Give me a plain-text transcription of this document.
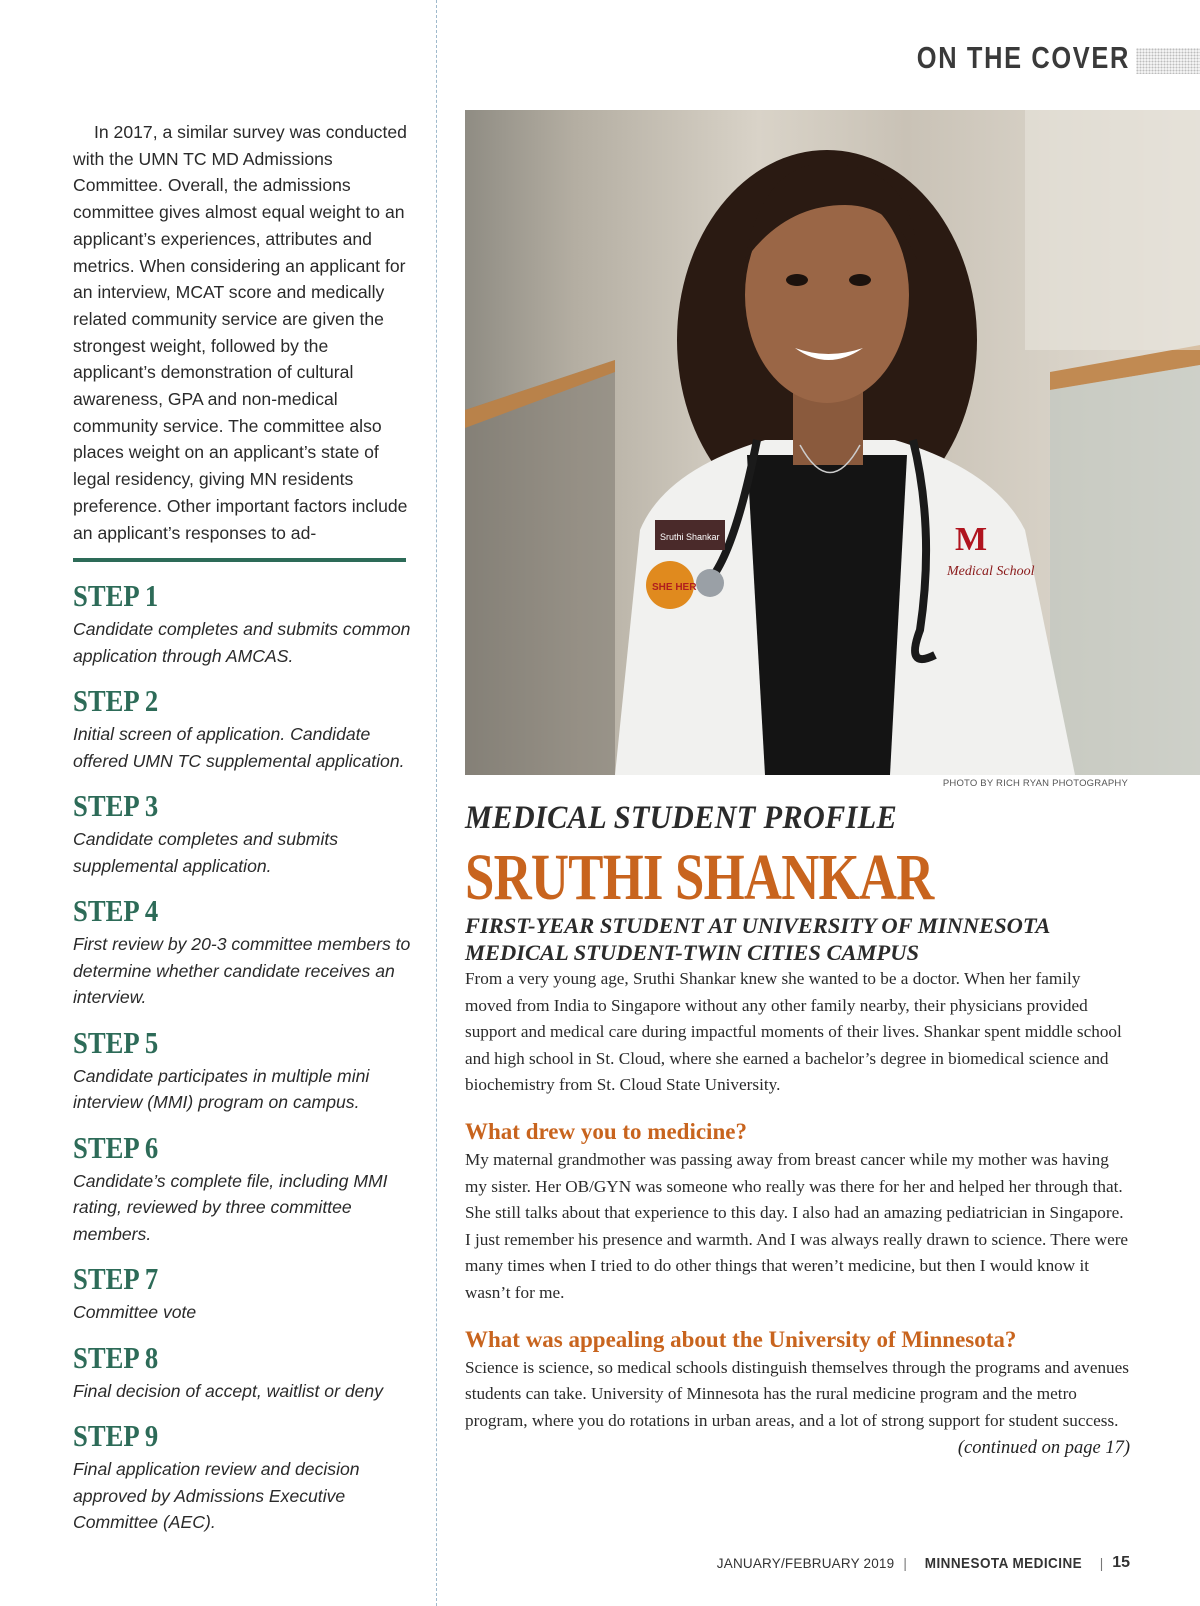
ON THE COVER

In 2017, a similar survey was conducted with the UMN TC MD Admissions Committee. Overall, the admissions committee gives almost equal weight to an applicant’s experiences, attributes and metrics. When considering an applicant for an interview, MCAT score and medically related community service are given the strongest weight, followed by the applicant’s demonstration of cultural awareness, GPA and non-medical community service. The committee also places weight on an applicant’s state of legal residency, giving MN residents preference. Other important factors include an applicant’s responses to ad-

STEP 1

Candidate completes and submits common application through AMCAS.

STEP 2

Initial screen of application. Candidate offered UMN TC supplemental application.

STEP 3

Candidate completes and submits supplemental application.

STEP 4

First review by 20-3 committee members to determine whether candidate receives an interview.

STEP 5

Candidate participates in multiple mini interview (MMI) program on campus.

STEP 6

Candidate’s complete file, including MMI rating, reviewed by three committee members.

STEP 7

Committee vote

STEP 8

Final decision of accept, waitlist or deny

STEP 9

Final application review and decision approved by Admissions Executive Committee (AEC).

Sruthi Shankar
SHE HER
M
Medical School
PHOTO BY RICH RYAN PHOTOGRAPHY
MEDICAL STUDENT PROFILE
SRUTHI SHANKAR
FIRST-YEAR STUDENT AT UNIVERSITY OF MINNESOTA MEDICAL STUDENT-TWIN CITIES CAMPUS

From a very young age, Sruthi Shankar knew she wanted to be a doctor. When her family moved from India to Singapore without any other family nearby, their physicians provided support and medical care during impactful moments of their lives. Shankar spent middle school and high school in St. Cloud, where she earned a bachelor’s degree in biomedical science and biochemistry from St. Cloud State University.

What drew you to medicine?

My maternal grandmother was passing away from breast cancer while my mother was having my sister. Her OB/GYN was someone who really was there for her and helped her through that. She still talks about that experience to this day. I also had an amazing pediatrician in Singapore. I just remember his presence and warmth. And I was always really drawn to science. There were many times when I tried to do other things that weren’t medicine, but then I would know it wasn’t for me.

What was appealing about the University of Minnesota?

Science is science, so medical schools distinguish themselves through the programs and avenues students can take. University of Minnesota has the rural medicine program and the metro program, where you do rotations in urban areas, and a lot of strong support for student success.

(continued on page 17)

JANUARY/FEBRUARY 2019 | MINNESOTA MEDICINE | 15
